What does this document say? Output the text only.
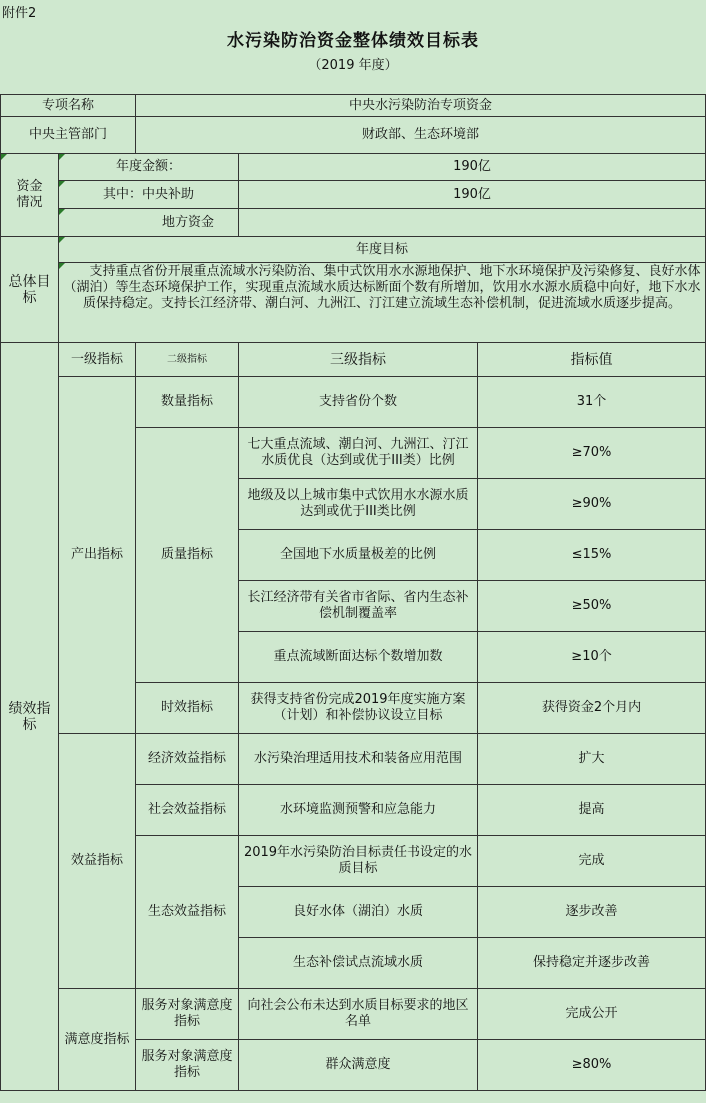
附件2
水污染防治资金整体绩效目标表
（2019 年度）
专项名称		中央水污染防治专项资金		
中央主管部门		财政部、生态环境部		
资金
情况	年度金额：		190亿	
	其中：中央补助		190亿	
	地方资金			
总体目标	年度目标			
	支持重点省份开展重点流域水污染防治、集中式饮用水水源地保护、地下水环境保护及污染修复、良好水体（湖泊）等生态环境保护工作，实现重点流域水质达标断面个数有所增加，饮用水水源水质稳中向好，地下水水质保持稳定。支持长江经济带、潮白河、九洲江、汀江建立流域生态补偿机制，促进流域水质逐步提高。			
绩效指标	一级指标	二级指标	三级指标	指标值
	产出指标	数量指标	支持省份个数	31个
		质量指标	七大重点流域、潮白河、九洲江、汀江水质优良（达到或优于III类）比例	≥70%
			地级及以上城市集中式饮用水水源水质达到或优于III类比例	≥90%
			全国地下水质量极差的比例	≤15%
			长江经济带有关省市省际、省内生态补偿机制覆盖率	≥50%
			重点流域断面达标个数增加数	≥10个
		时效指标	获得支持省份完成2019年度实施方案（计划）和补偿协议设立目标	获得资金2个月内
	效益指标	经济效益指标	水污染治理适用技术和装备应用范围	扩大
		社会效益指标	水环境监测预警和应急能力	提高
		生态效益指标	2019年水污染防治目标责任书设定的水质目标	完成
			良好水体（湖泊）水质	逐步改善
			生态补偿试点流域水质	保持稳定并逐步改善
	满意度指标	服务对象满意度指标	向社会公布未达到水质目标要求的地区名单	完成公开
		服务对象满意度指标	群众满意度	≥80%
